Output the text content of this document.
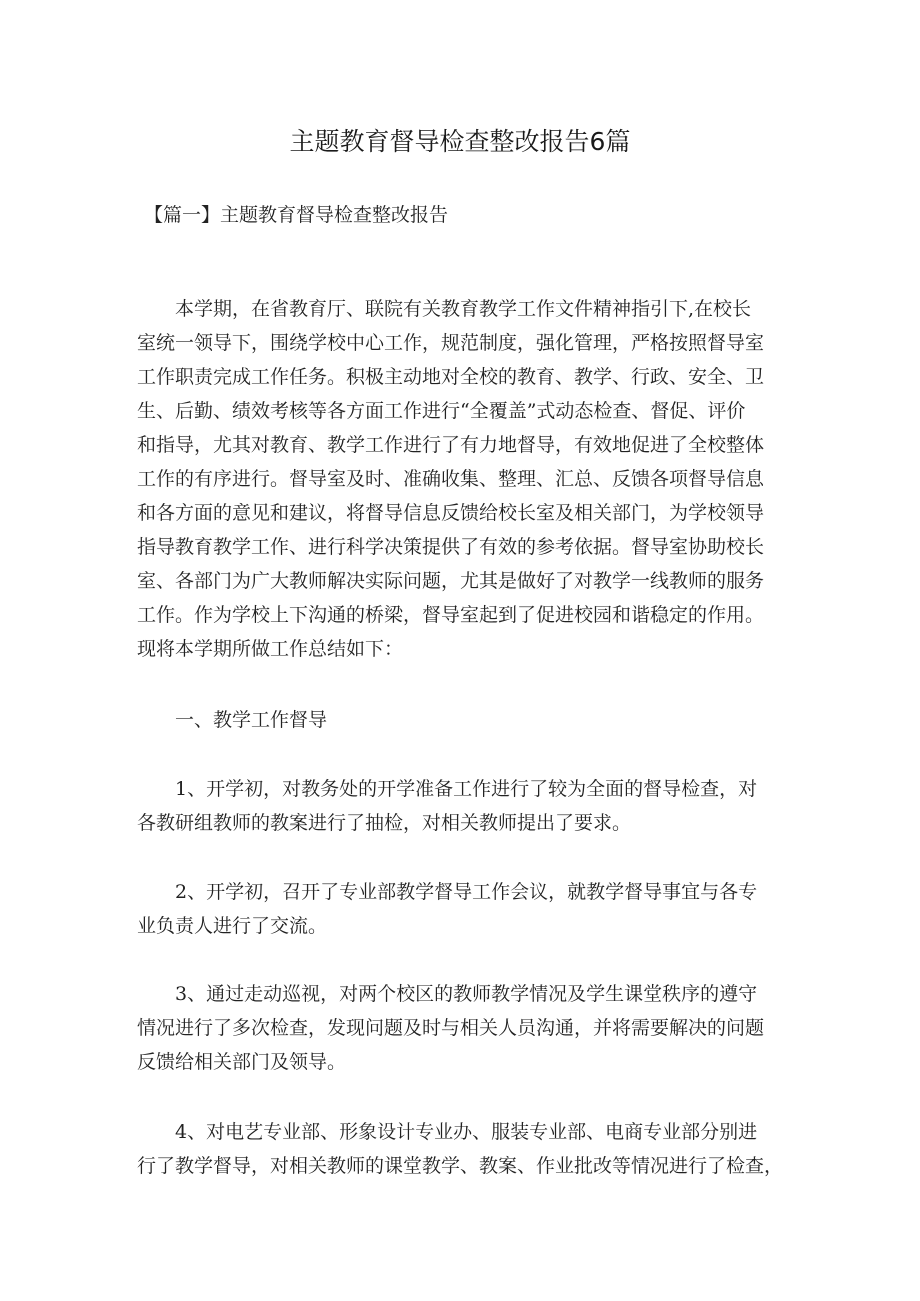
主题教育督导检查整改报告6篇
【篇一】主题教育督导检查整改报告
本学期，在省教育厅、联院有关教育教学工作文件精神指引下,在校长
室统一领导下，围绕学校中心工作，规范制度，强化管理，严格按照督导室
工作职责完成工作任务。积极主动地对全校的教育、教学、行政、安全、卫
生、后勤、绩效考核等各方面工作进行“全覆盖”式动态检查、督促、评价
和指导，尤其对教育、教学工作进行了有力地督导，有效地促进了全校整体
工作的有序进行。督导室及时、准确收集、整理、汇总、反馈各项督导信息
和各方面的意见和建议，将督导信息反馈给校长室及相关部门，为学校领导
指导教育教学工作、进行科学决策提供了有效的参考依据。督导室协助校长
室、各部门为广大教师解决实际问题，尤其是做好了对教学一线教师的服务
工作。作为学校上下沟通的桥梁，督导室起到了促进校园和谐稳定的作用。
现将本学期所做工作总结如下：
一、教学工作督导
1、开学初，对教务处的开学准备工作进行了较为全面的督导检查，对
各教研组教师的教案进行了抽检，对相关教师提出了要求。
2、开学初，召开了专业部教学督导工作会议，就教学督导事宜与各专
业负责人进行了交流。
3、通过走动巡视，对两个校区的教师教学情况及学生课堂秩序的遵守
情况进行了多次检查，发现问题及时与相关人员沟通，并将需要解决的问题
反馈给相关部门及领导。
4、对电艺专业部、形象设计专业办、服装专业部、电商专业部分别进
行了教学督导，对相关教师的课堂教学、教案、作业批改等情况进行了检查，
